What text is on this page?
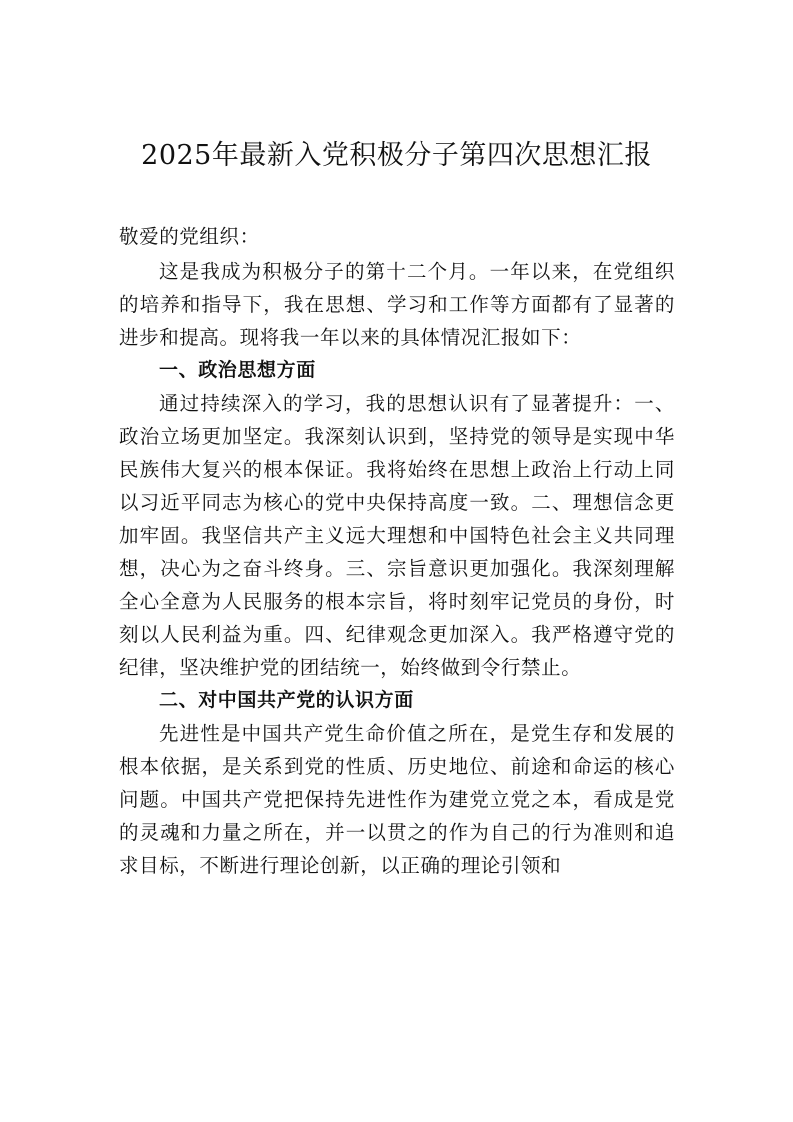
2025年最新入党积极分子第四次思想汇报

敬爱的党组织：

这是我成为积极分子的第十二个月。一年以来，在党组织的培养和指导下，我在思想、学习和工作等方面都有了显著的进步和提高。现将我一年以来的具体情况汇报如下：

一、政治思想方面

通过持续深入的学习，我的思想认识有了显著提升：一、政治立场更加坚定。我深刻认识到，坚持党的领导是实现中华民族伟大复兴的根本保证。我将始终在思想上政治上行动上同以习近平同志为核心的党中央保持高度一致。二、理想信念更加牢固。我坚信共产主义远大理想和中国特色社会主义共同理想，决心为之奋斗终身。三、宗旨意识更加强化。我深刻理解全心全意为人民服务的根本宗旨，将时刻牢记党员的身份，时刻以人民利益为重。四、纪律观念更加深入。我严格遵守党的纪律，坚决维护党的团结统一，始终做到令行禁止。

二、对中国共产党的认识方面

先进性是中国共产党生命价值之所在，是党生存和发展的根本依据，是关系到党的性质、历史地位、前途和命运的核心问题。中国共产党把保持先进性作为建党立党之本，看成是党的灵魂和力量之所在，并一以贯之的作为自己的行为准则和追求目标，不断进行理论创新，以正确的理论引领和
